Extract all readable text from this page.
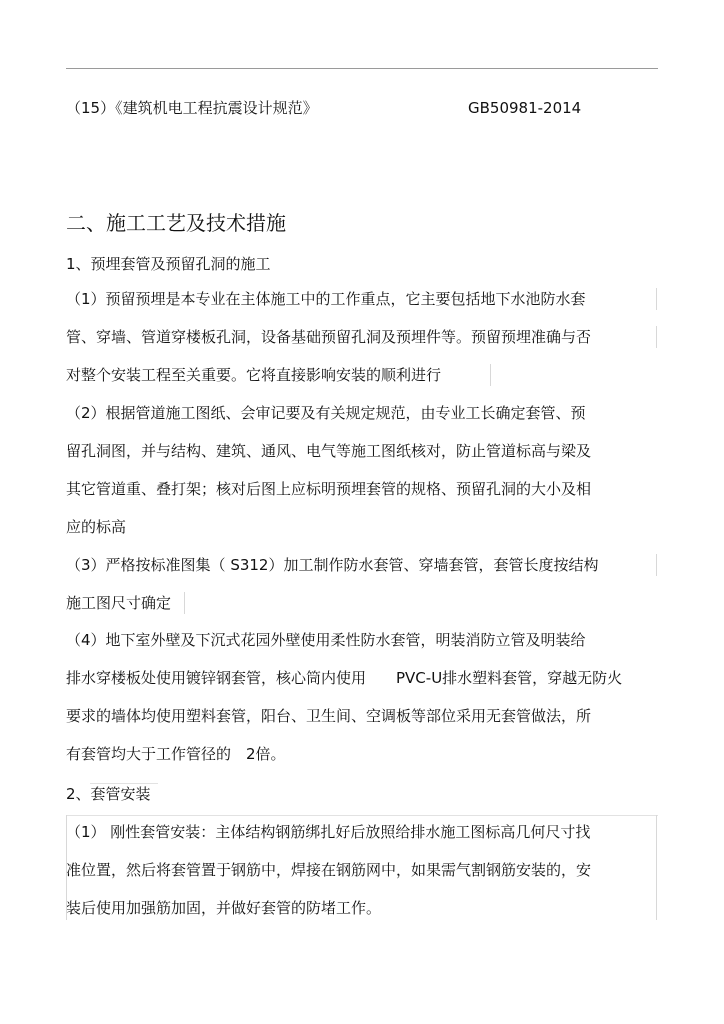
（15）《建筑机电工程抗震设计规范》	GB50981-2014
二、施工工艺及技术措施
1、预埋套管及预留孔洞的施工
（1）预留预埋是本专业在主体施工中的工作重点，它主要包括地下水池防水套
管、穿墙、管道穿楼板孔洞，设备基础预留孔洞及预埋件等。预留预埋准确与否
对整个安装工程至关重要。它将直接影响安装的顺利进行
（2）根据管道施工图纸、会审记要及有关规定规范，由专业工长确定套管、预
留孔洞图，并与结构、建筑、通风、电气等施工图纸核对，防止管道标高与梁及
其它管道重、叠打架；核对后图上应标明预埋套管的规格、预留孔洞的大小及相
应的标高
（3）严格按标准图集（ S312）加工制作防水套管、穿墙套管，套管长度按结构
施工图尺寸确定
（4）地下室外壁及下沉式花园外壁使用柔性防水套管，明装消防立管及明装给
排水穿楼板处使用镀锌钢套管，核心筒内使用　　PVC-U排水塑料套管，穿越无防火
要求的墙体均使用塑料套管，阳台、卫生间、空调板等部位采用无套管做法，所
有套管均大于工作管径的　2倍。
2、套管安装
（1） 刚性套管安装：主体结构钢筋绑扎好后放照给排水施工图标高几何尺寸找
准位置，然后将套管置于钢筋中，焊接在钢筋网中，如果需气割钢筋安装的，安
装后使用加强筋加固，并做好套管的防堵工作。
